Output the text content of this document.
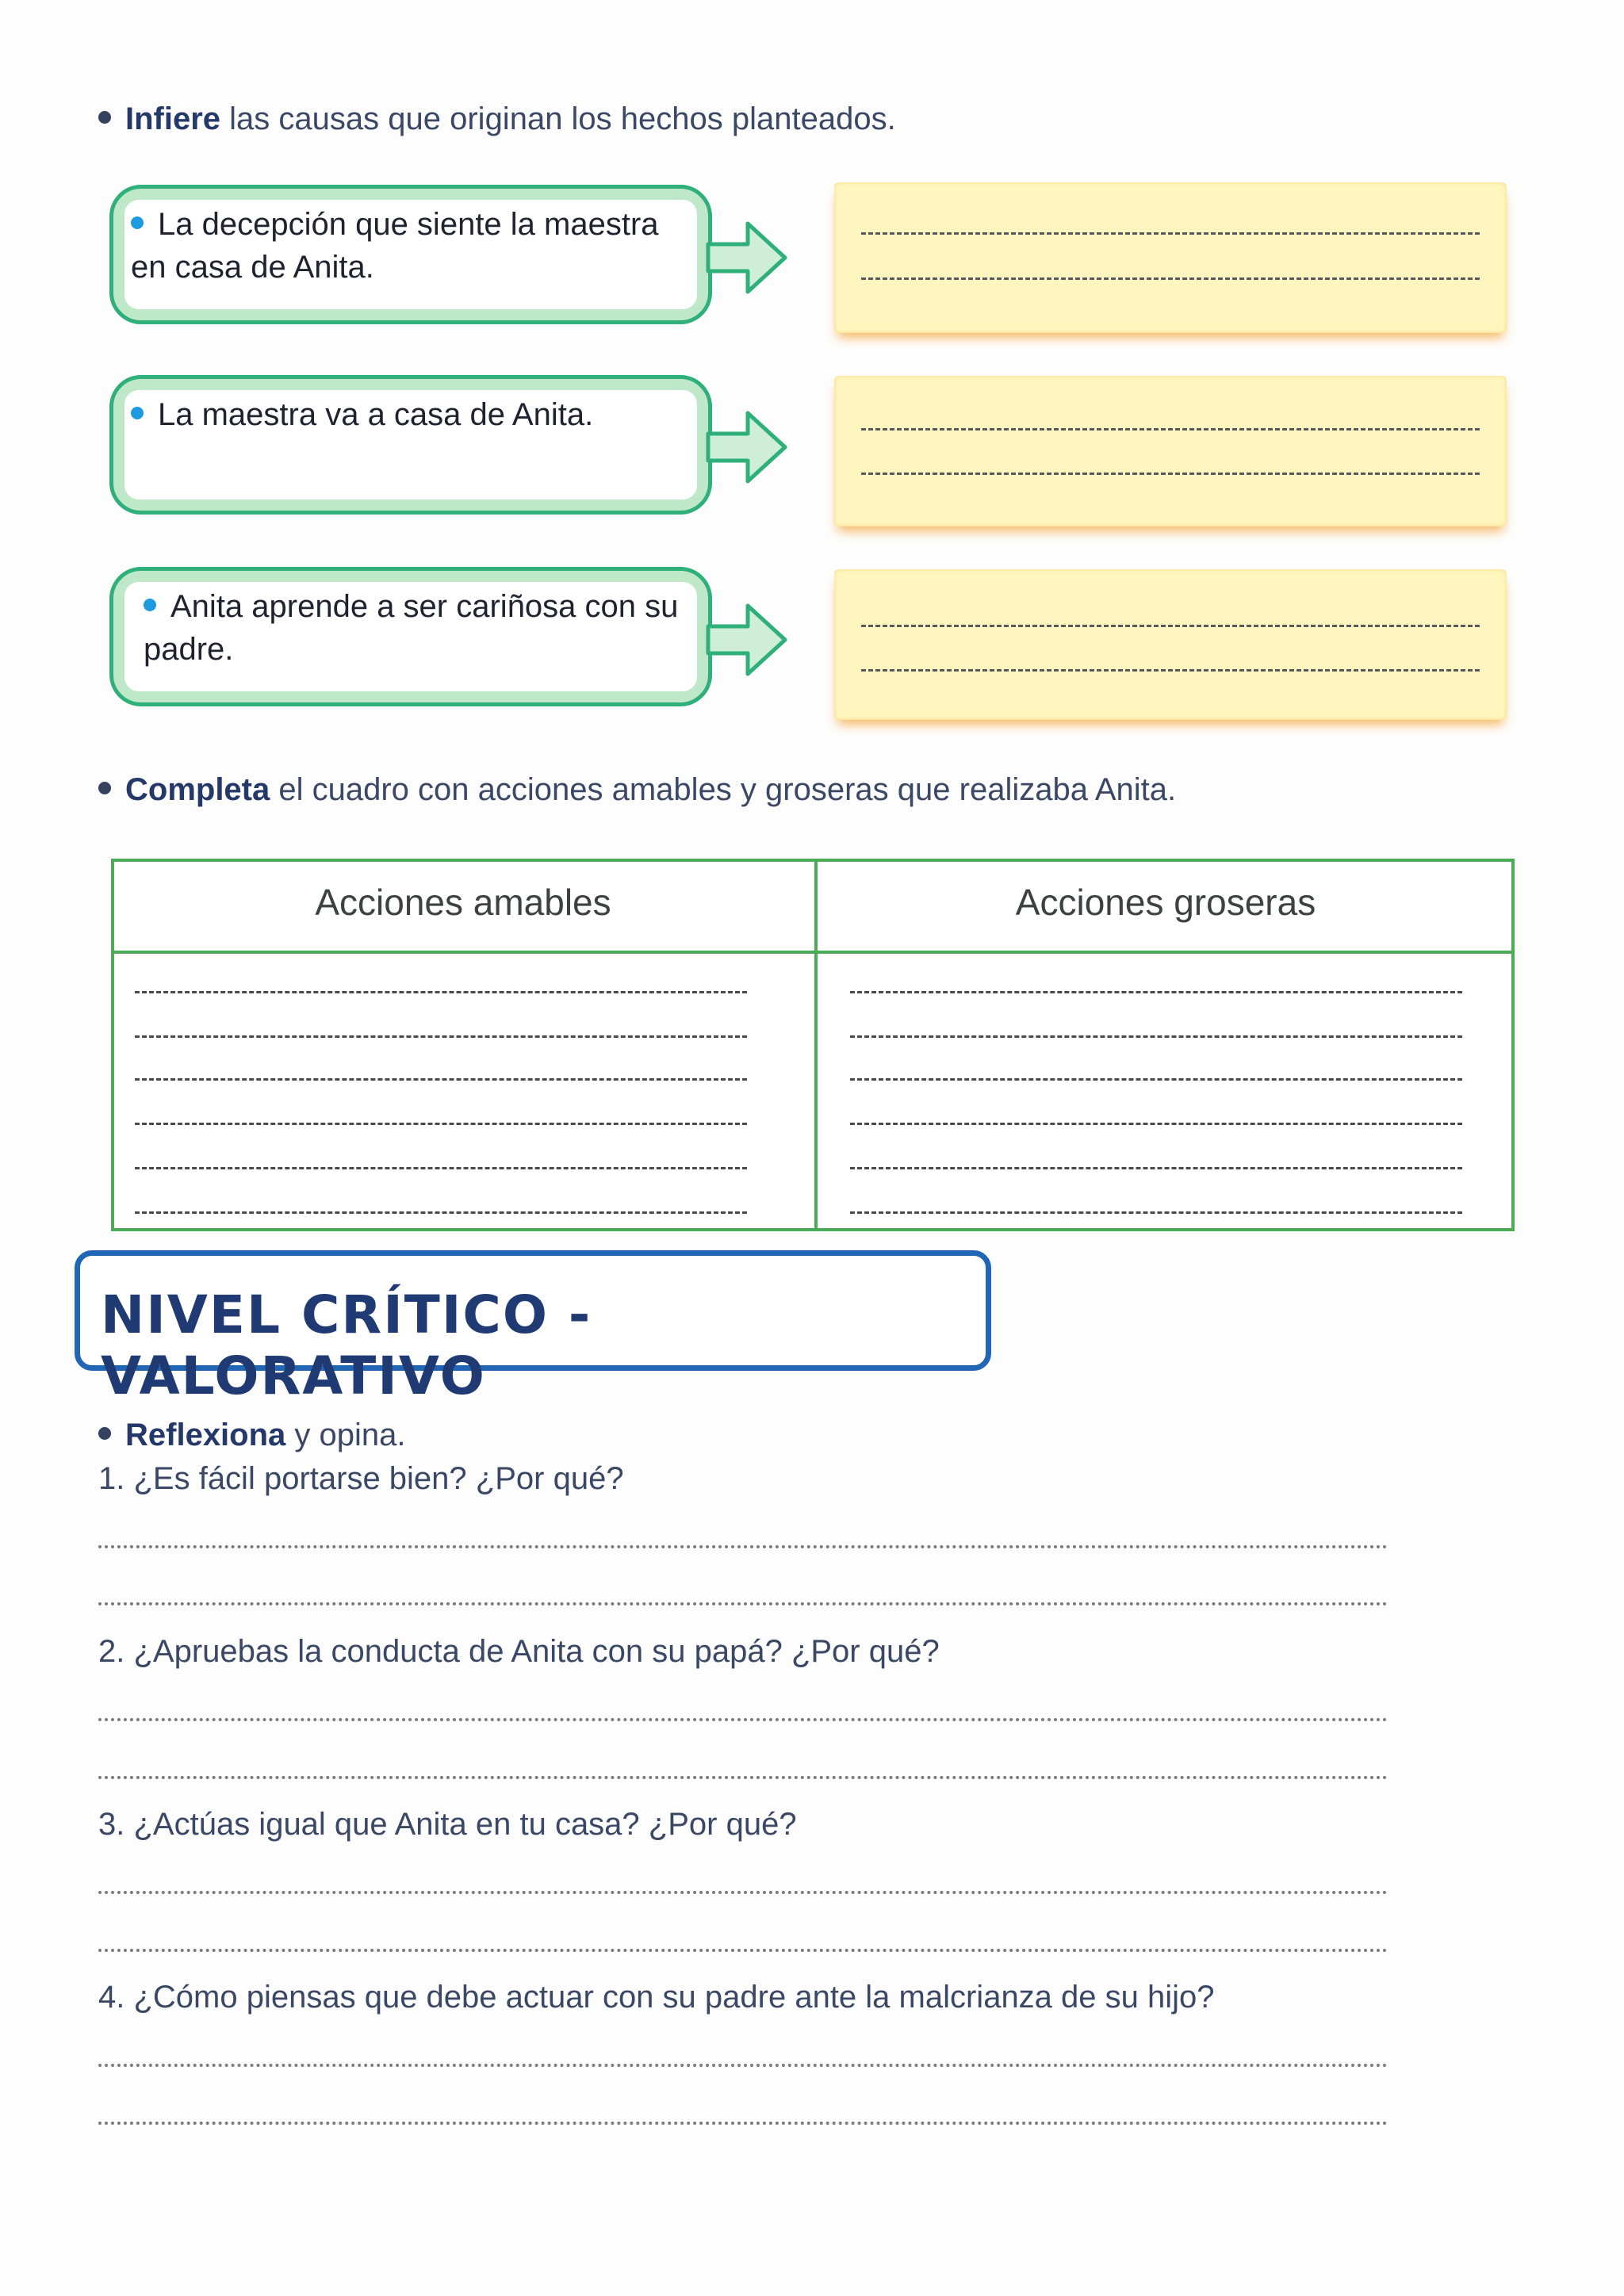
Infiere las causas que originan los hechos planteados.
La decepción que siente la maestra en casa de Anita.
La maestra va a casa de Anita.
Anita aprende a ser cariñosa con su padre.
Completa el cuadro con acciones amables y groseras que realizaba Anita.
Acciones amables	Acciones groseras
NIVEL CRÍTICO - VALORATIVO
Reflexiona y opina.
1. ¿Es fácil portarse bien? ¿Por qué?
2. ¿Apruebas la conducta de Anita con su papá? ¿Por qué?
3. ¿Actúas igual que Anita en tu casa? ¿Por qué?
4. ¿Cómo piensas que debe actuar con su padre ante la malcrianza de su hijo?
